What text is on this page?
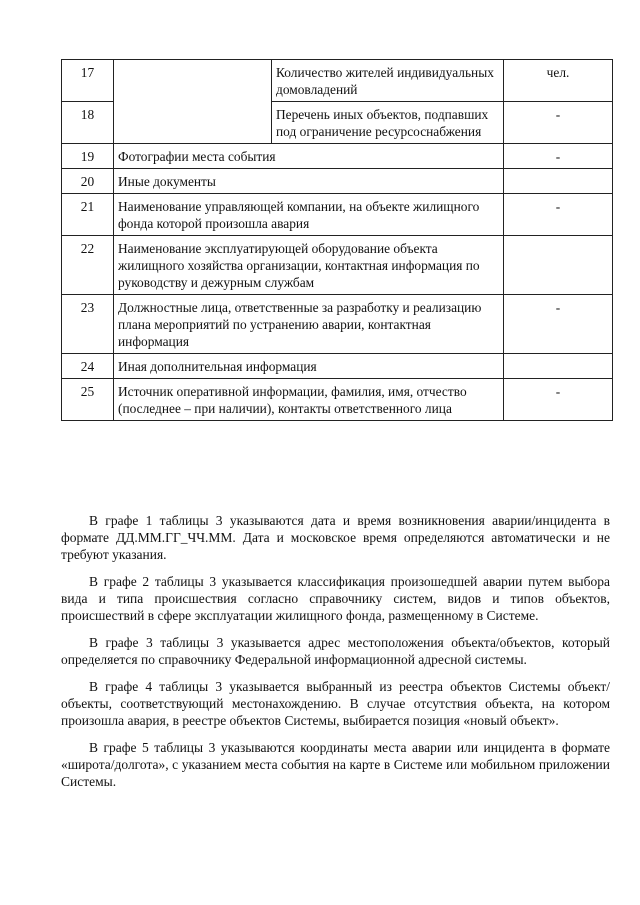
17		Количество жителей индивидуальных домовладений	чел.
18		Перечень иных объектов, подпавших под ограничение ресурсоснабжения	-
19	Фотографии места события		-
20	Иные документы		
21	Наименование управляющей компании, на объекте жилищного фонда которой произошла авария		-
22	Наименование эксплуатирующей оборудование объекта жилищного хозяйства организации, контактная информация по руководству и дежурным службам		
23	Должностные лица, ответственные за разработку и реализацию плана мероприятий по устранению аварии, контактная информация		-
24	Иная дополнительная информация		
25	Источник оперативной информации, фамилия, имя, отчество (последнее – при наличии), контакты ответственного лица		-

В графе 1 таблицы 3 указываются дата и время возникновения аварии/инцидента в формате ДД.ММ.ГГ_ЧЧ.ММ. Дата и московское время определяются автоматически и не требуют указания.

В графе 2 таблицы 3 указывается классификация произошедшей аварии путем выбора вида и типа происшествия согласно справочнику систем, видов и типов объектов, происшествий в сфере эксплуатации жилищного фонда, размещенному в Системе.

В графе 3 таблицы 3 указывается адрес местоположения объекта/объектов, который определяется по справочнику Федеральной информационной адресной системы.

В графе 4 таблицы 3 указывается выбранный из реестра объектов Системы объект/объекты, соответствующий местонахождению. В случае отсутствия объекта, на котором произошла авария, в реестре объектов Системы, выбирается позиция «новый объект».

В графе 5 таблицы 3 указываются координаты места аварии или инцидента в формате «широта/долгота», с указанием места события на карте в Системе или мобильном приложении Системы.
